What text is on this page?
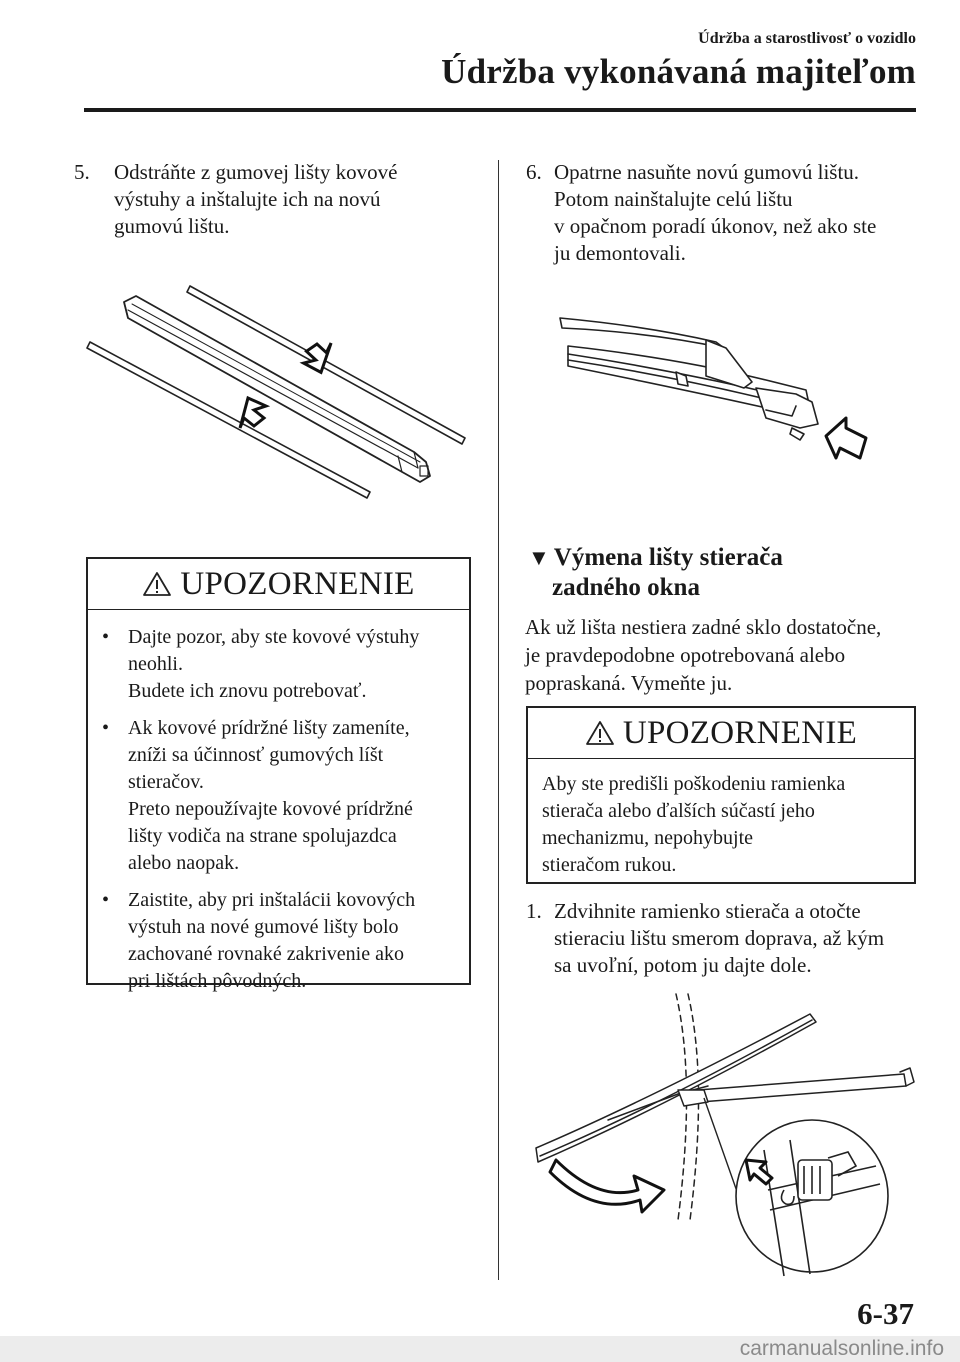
Údržba a starostlivosť o vozidlo
Údržba vykonávaná majiteľom
5. Odstráňte z gumovej lišty kovové
výstuhy a inštalujte ich na novú
gumovú lištu.
UPOZORNENIE
• Dajte pozor, aby ste kovové výstuhy
neohli.
Budete ich znovu potrebovať.
• Ak kovové prídržné lišty zameníte,
zníži sa účinnosť gumových líšt
stieračov.
Preto nepoužívajte kovové prídržné
lišty vodiča na strane spolujazdca
alebo naopak.
• Zaistite, aby pri inštalácii kovových
výstuh na nové gumové lišty bolo
zachované rovnaké zakrivenie ako
pri lištách pôvodných.
6. Opatrne nasuňte novú gumovú lištu.
Potom nainštalujte celú lištu
v opačnom poradí úkonov, než ako ste
ju demontovali.
▼ Výmena lišty stierača
zadného okna
Ak už lišta nestiera zadné sklo dostatočne,
je pravdepodobne opotrebovaná alebo
popraskaná. Vymeňte ju.
UPOZORNENIE
Aby ste predišli poškodeniu ramienka
stierača alebo ďalších súčastí jeho
mechanizmu, nepohybujte
stieračom rukou.
1. Zdvihnite ramienko stierača a otočte
stieraciu lištu smerom doprava, až kým
sa uvoľní, potom ju dajte dole.
6-37
carmanualsonline.info
